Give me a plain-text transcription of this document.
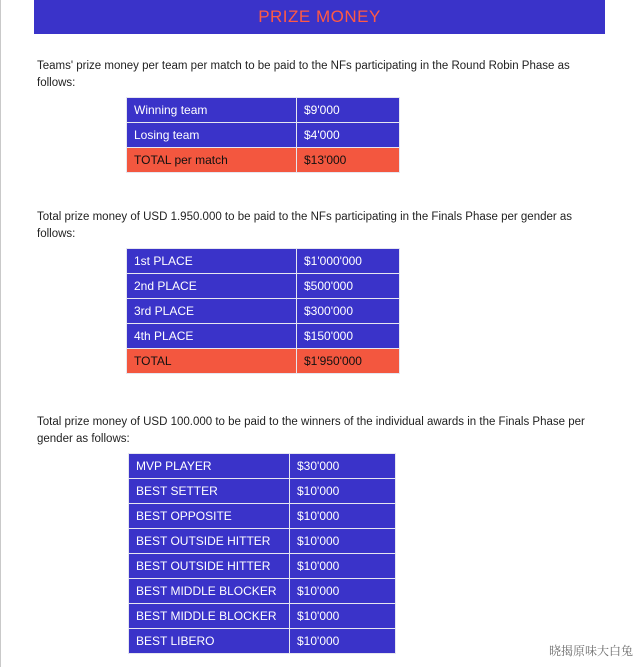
PRIZE MONEY
Teams' prize money per team per match to be paid to the NFs participating in the Round Robin Phase as follows:
Winning team	$9'000
Losing team	$4'000
TOTAL per match	$13'000
Total prize money of USD 1.950.000 to be paid to the NFs participating in the Finals Phase per gender as follows:
1st PLACE	$1'000'000
2nd PLACE	$500'000
3rd PLACE	$300'000
4th PLACE	$150'000
TOTAL	$1'950'000
Total prize money of USD 100.000 to be paid to the winners of the individual awards in the Finals Phase per gender as follows:
MVP PLAYER	$30'000
BEST SETTER	$10'000
BEST OPPOSITE	$10'000
BEST OUTSIDE HITTER	$10'000
BEST OUTSIDE HITTER	$10'000
BEST MIDDLE BLOCKER	$10'000
BEST MIDDLE BLOCKER	$10'000
BEST LIBERO	$10'000
晓揭原味大白兔
